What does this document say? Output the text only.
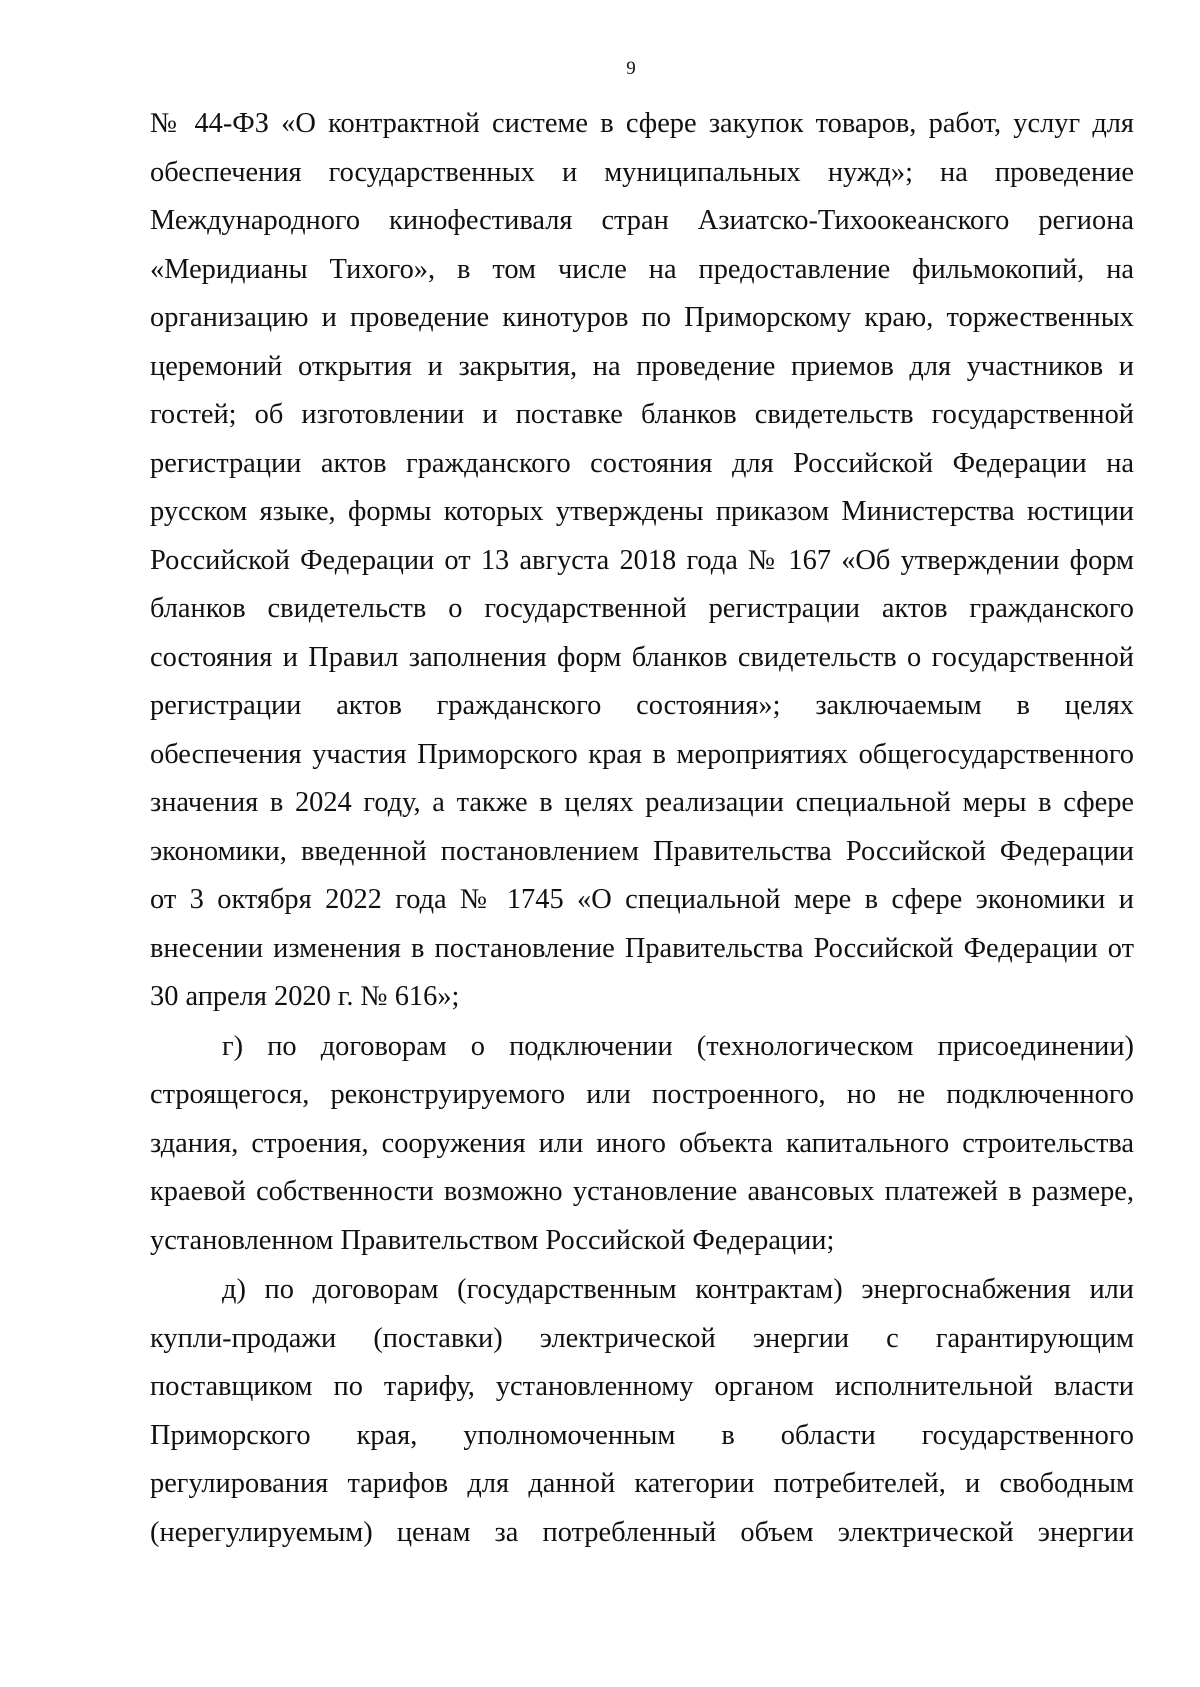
9
№ 44-ФЗ «О контрактной системе в сфере закупок товаров, работ, услуг для
обеспечения государственных и муниципальных нужд»; на проведение
Международного кинофестиваля стран Азиатско-Тихоокеанского региона
«Меридианы Тихого», в том числе на предоставление фильмокопий, на
организацию и проведение кинотуров по Приморскому краю, торжественных
церемоний открытия и закрытия, на проведение приемов для участников и
гостей; об изготовлении и поставке бланков свидетельств государственной
регистрации актов гражданского состояния для Российской Федерации на
русском языке, формы которых утверждены приказом Министерства юстиции
Российской Федерации от 13 августа 2018 года № 167 «Об утверждении форм
бланков свидетельств о государственной регистрации актов гражданского
состояния и Правил заполнения форм бланков свидетельств о государственной
регистрации актов гражданского состояния»; заключаемым в целях
обеспечения участия Приморского края в мероприятиях общегосударственного
значения в 2024 году, а также в целях реализации специальной меры в сфере
экономики, введенной постановлением Правительства Российской Федерации
от 3 октября 2022 года № 1745 «О специальной мере в сфере экономики и
внесении изменения в постановление Правительства Российской Федерации от
30 апреля 2020 г. № 616»;
г) по договорам о подключении (технологическом присоединении)
строящегося, реконструируемого или построенного, но не подключенного
здания, строения, сооружения или иного объекта капитального строительства
краевой собственности возможно установление авансовых платежей в размере,
установленном Правительством Российской Федерации;
д) по договорам (государственным контрактам) энергоснабжения или
купли-продажи (поставки) электрической энергии с гарантирующим
поставщиком по тарифу, установленному органом исполнительной власти
Приморского края, уполномоченным в области государственного
регулирования тарифов для данной категории потребителей, и свободным
(нерегулируемым) ценам за потребленный объем электрической энергии
